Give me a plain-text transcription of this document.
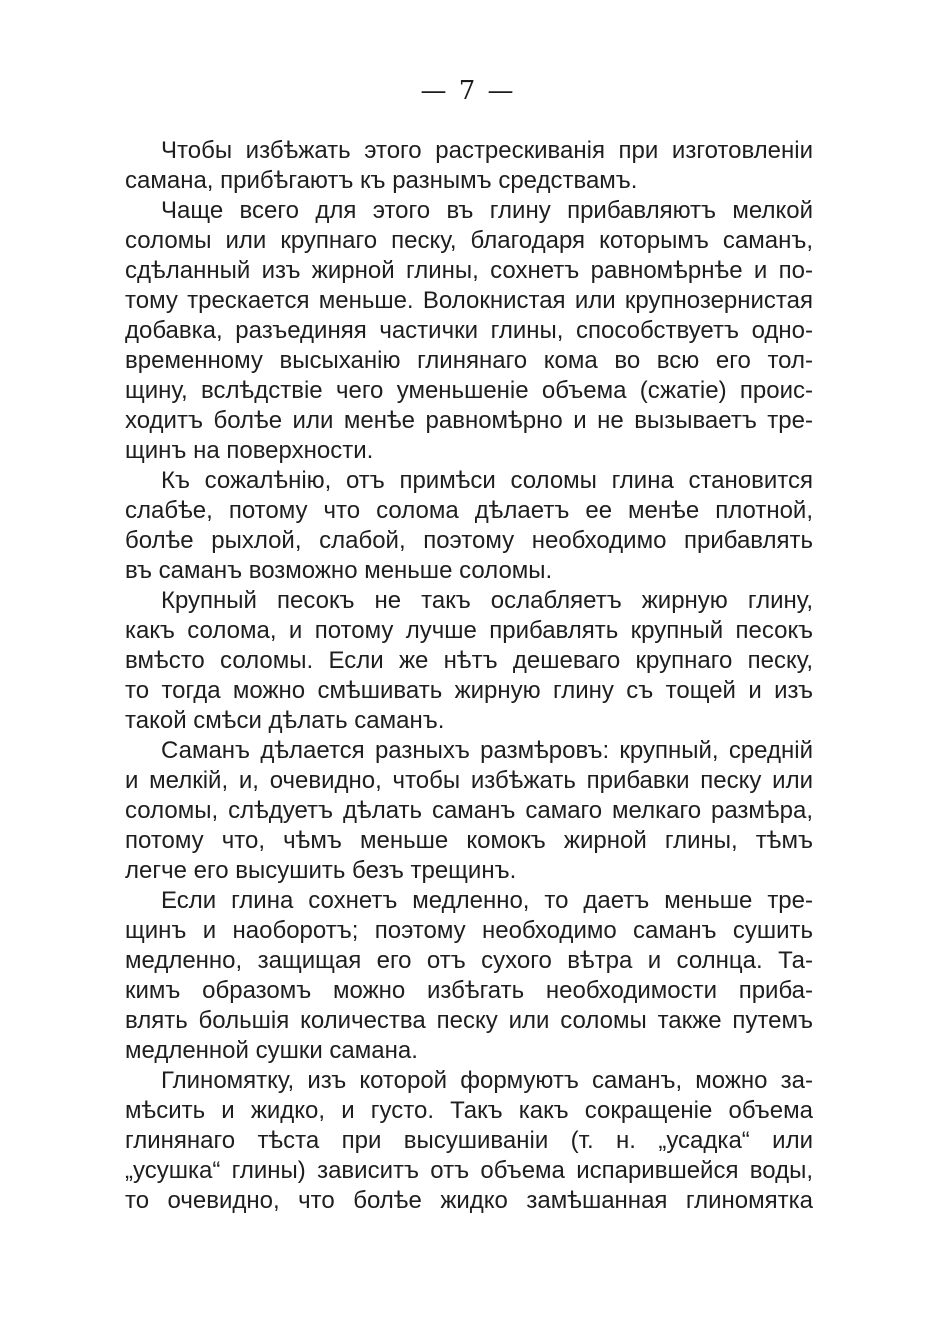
— 7 —
Чтобы избѣжать этого растрескиванія при изготовленіи
самана, прибѣгаютъ къ разнымъ средствамъ.
Чаще всего для этого въ глину прибавляютъ мелкой
соломы или крупнаго песку, благодаря которымъ саманъ,
сдѣланный изъ жирной глины, сохнетъ равномѣрнѣе и по-
тому трескается меньше. Волокнистая или крупнозернистая
добавка, разъединяя частички глины, способствуетъ одно-
временному высыханію глинянаго кома во всю его тол-
щину, вслѣдствіе чего уменьшеніе объема (сжатіе) проис-
ходитъ болѣе или менѣе равномѣрно и не вызываетъ тре-
щинъ на поверхности.
Къ сожалѣнію, отъ примѣси соломы глина становится
слабѣе, потому что солома дѣлаетъ ее менѣе плотной,
болѣе рыхлой, слабой, поэтому необходимо прибавлять
въ саманъ возможно меньше соломы.
Крупный песокъ не такъ ослабляетъ жирную глину,
какъ солома, и потому лучше прибавлять крупный песокъ
вмѣсто соломы. Если же нѣтъ дешеваго крупнаго песку,
то тогда можно смѣшивать жирную глину съ тощей и изъ
такой смѣси дѣлать саманъ.
Саманъ дѣлается разныхъ размѣровъ: крупный, средній
и мелкій, и, очевидно, чтобы избѣжать прибавки песку или
соломы, слѣдуетъ дѣлать саманъ самаго мелкаго размѣра,
потому что, чѣмъ меньше комокъ жирной глины, тѣмъ
легче его высушить безъ трещинъ.
Если глина сохнетъ медленно, то даетъ меньше тре-
щинъ и наоборотъ; поэтому необходимо саманъ сушить
медленно, защищая его отъ сухого вѣтра и солнца. Та-
кимъ образомъ можно избѣгать необходимости приба-
влять большія количества песку или соломы также путемъ
медленной сушки самана.
Глиномятку, изъ которой формуютъ саманъ, можно за-
мѣсить и жидко, и густо. Такъ какъ сокращеніе объема
глинянаго тѣста при высушиваніи (т. н. „усадка“ или
„усушка“ глины) зависитъ отъ объема испарившейся воды,
то очевидно, что болѣе жидко замѣшанная глиномятка
